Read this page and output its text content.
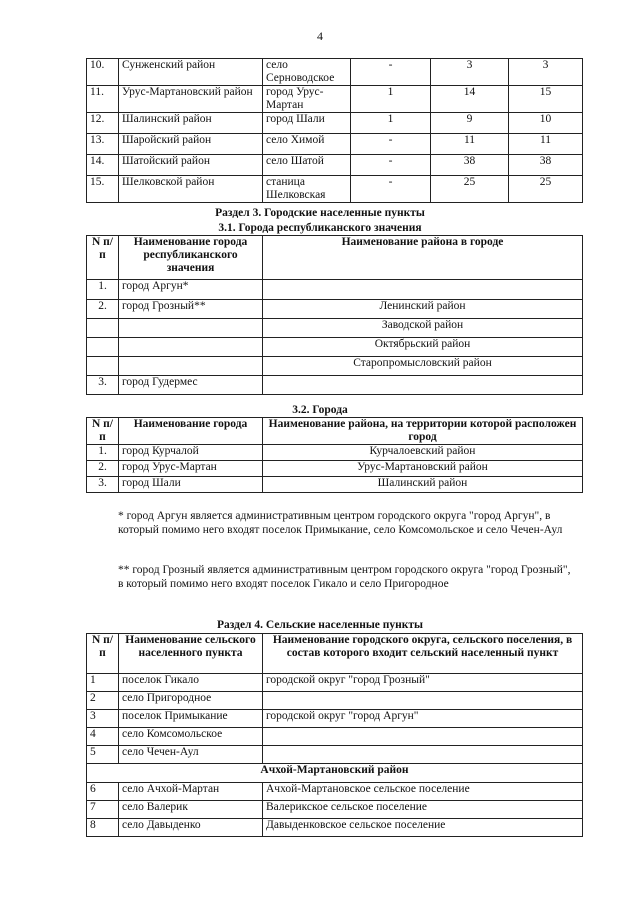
4
10.	Сунженский район	село Серноводское	-	3	3
11.	Урус-Мартановский район	город Урус-Мартан	1	14	15
12.	Шалинский район	город Шали	1	9	10
13.	Шаройский район	село Химой	-	11	11
14.	Шатойский район	село Шатой	-	38	38
15.	Шелковской район	станица Шелковская	-	25	25
Раздел 3. Городские населенные пункты
3.1. Города республиканского значения
N п/п	Наименование города республиканского значения	Наименование района в городе
1.	город Аргун*	
2.	город Грозный**	Ленинский район
		Заводской район
		Октябрьский район
		Старопромысловский район
3.	город Гудермес	
3.2. Города
N п/п	Наименование города	Наименование района, на территории которой расположен город
1.	город Курчалой	Курчалоевский район
2.	город Урус-Мартан	Урус-Мартановский район
3.	город Шали	Шалинский район
* город Аргун является административным центром городского округа "город Аргун", в который помимо него входят поселок Примыкание, село Комсомольское и село Чечен-Аул
** город Грозный является административным центром городского округа "город Грозный", в который помимо него входят поселок Гикало и село Пригородное
Раздел 4. Сельские населенные пункты
N п/п	Наименование сельского населенного пункта	Наименование городского округа, сельского поселения, в состав которого входит сельский населенный пункт
1	поселок Гикало	городской округ "город Грозный"
2	село Пригородное	
3	поселок Примыкание	городской округ "город Аргун"
4	село Комсомольское	
5	село Чечен-Аул	
Ачхой-Мартановский район		
6	село Ачхой-Мартан	Ачхой-Мартановское сельское поселение
7	село Валерик	Валерикское сельское поселение
8	село Давыденко	Давыденковское сельское поселение
